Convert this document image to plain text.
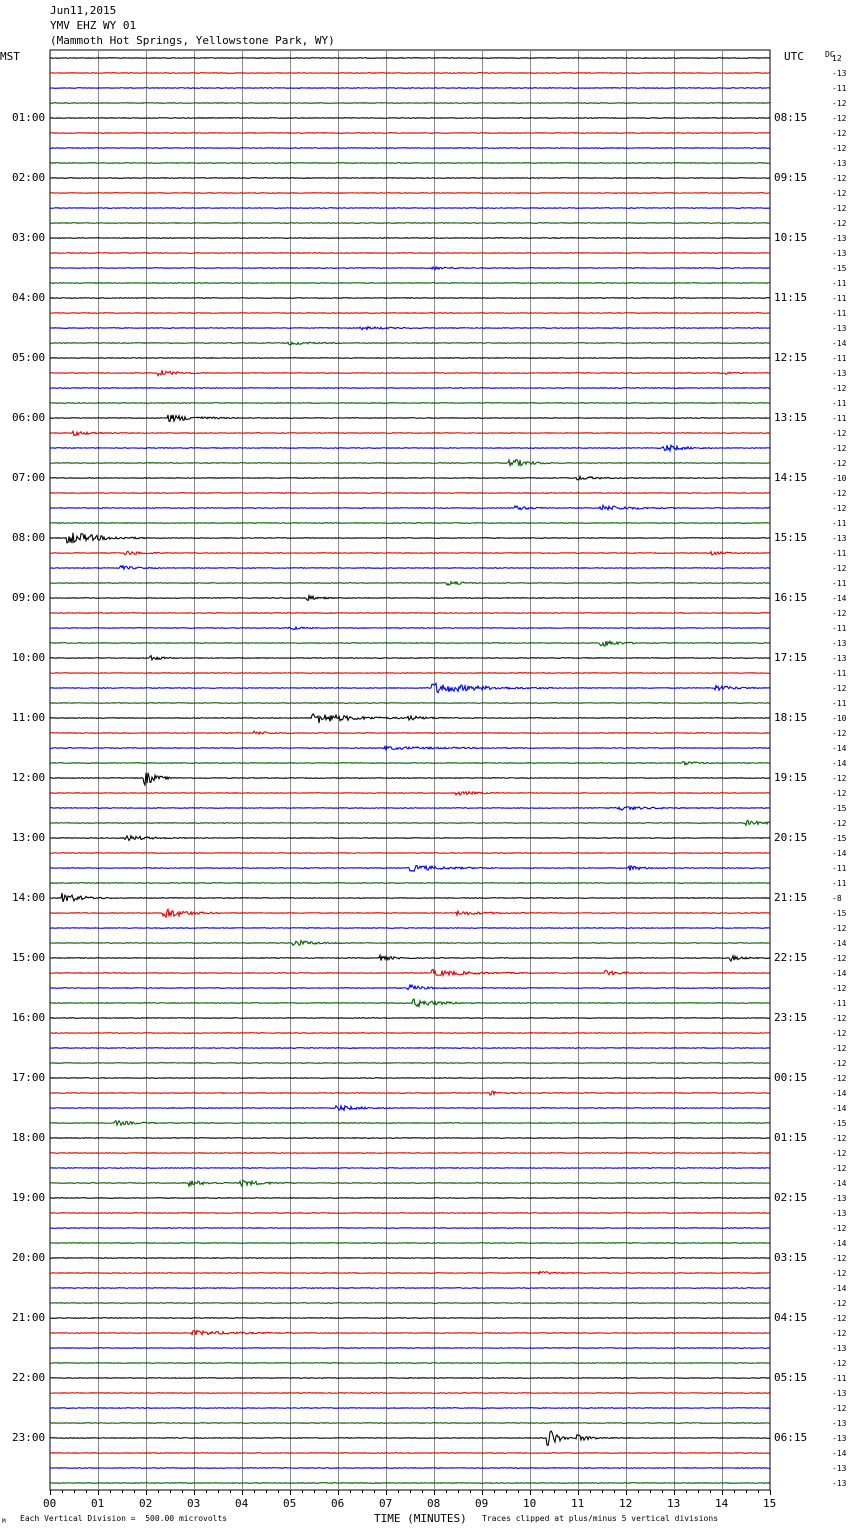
Jun11,2015
YMV EHZ WY 01
(Mammoth Hot Springs, Yellowstone Park, WY)
MST	UTC	DC
01:00
02:00
03:00
04:00
05:00
06:00
07:00
08:00
09:00
10:00
11:00
12:00
13:00
14:00
15:00
16:00
17:00
18:00
19:00
20:00
21:00
22:00
23:00
08:15
09:15
10:15
11:15
12:15
13:15
14:15
15:15
16:15
17:15
18:15
19:15
20:15
21:15
22:15
23:15
00:15
01:15
02:15
03:15
04:15
05:15
06:15
12
-13
-11
-12
-12
-12
-12
-13
-12
-12
-12
-12
-13
-13
-15
-11
-11
-11
-13
-14
-11
-13
-12
-11
-11
-12
-12
-12
-10
-12
-12
-11
-13
-11
-12
-11
-14
-12
-11
-13
-13
-11
-12
-11
-10
-12
-14
-14
-12
-12
-15
-12
-15
-14
-11
-11
-8
-15
-12
-14
-12
-14
-12
-11
-12
-12
-12
-12
-12
-14
-14
-15
-12
-12
-12
-14
-13
-13
-12
-14
-12
-12
-14
-12
-12
-12
-13
-12
-11
-13
-12
-13
-13
-14
-13
-13
00	01	02	03	04	05	06	07	08	09	10	11	12	13	14	15
M Each Vertical Division =  500.00 microvolts	TIME (MINUTES) Traces clipped at plus/minus 5 vertical divisions
